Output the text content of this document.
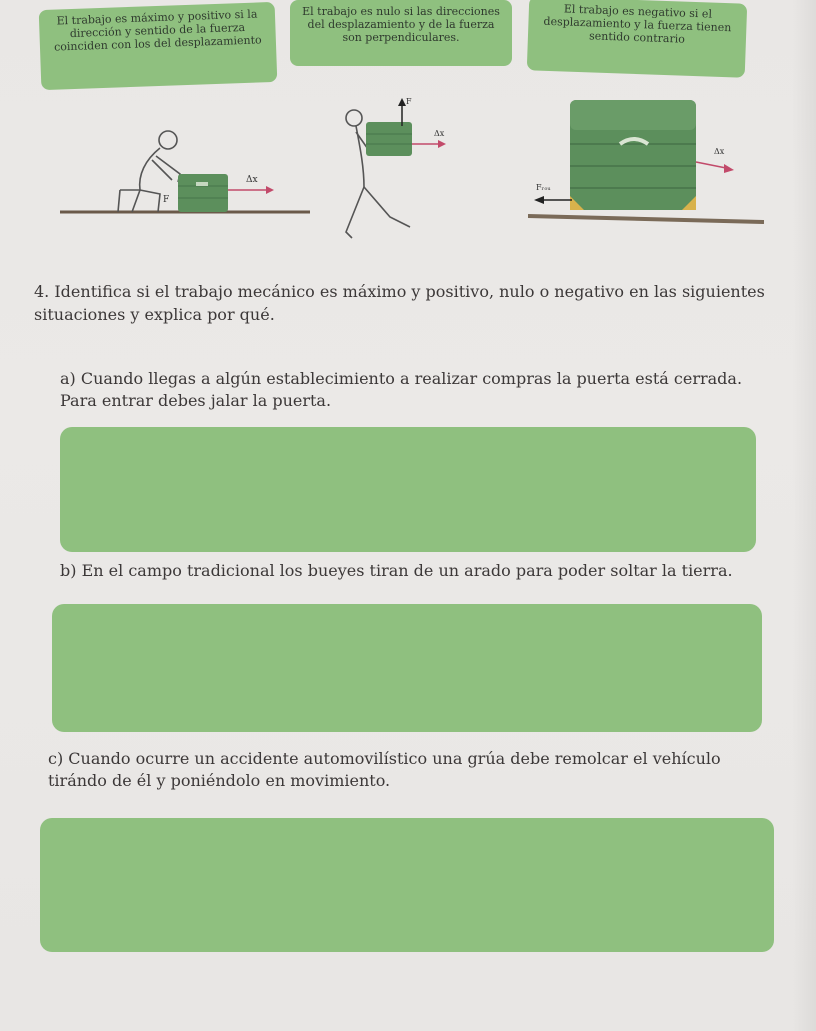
El trabajo es máximo y positivo si la dirección y sentido de la fuerza coinciden con los del desplazamiento
El trabajo es nulo si las direcciones del desplazamiento y de la fuerza son perpendiculares.
El trabajo es negativo si el desplazamiento y la fuerza tienen sentido contrario
Δx
F
F
Δx
Δx
Fᵣₒᵤ
4. Identifica si el trabajo mecánico es máximo y positivo, nulo o negativo en las siguientes situaciones y explica por qué.
a) Cuando llegas a algún establecimiento a realizar compras la puerta está cerrada. Para entrar debes jalar la puerta.
b) En el campo tradicional los bueyes tiran de un arado para poder soltar la tierra.
c) Cuando ocurre un accidente automovilístico una grúa debe remolcar el vehículo tirándo de él y poniéndolo en movimiento.
